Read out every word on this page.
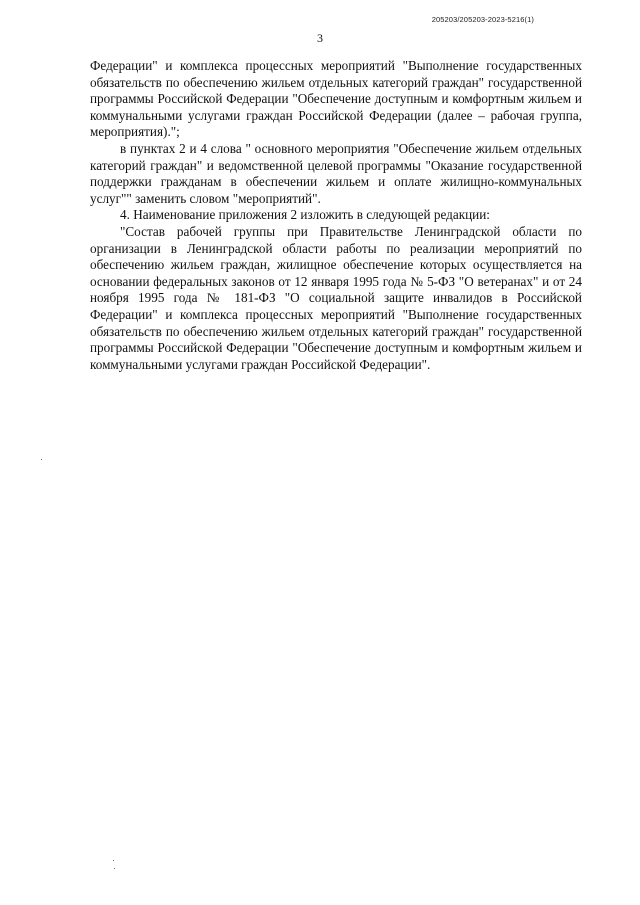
205203/205203-2023-5216(1)
3

Федерации" и комплекса процессных мероприятий "Выполнение государственных обязательств по обеспечению жильем отдельных категорий граждан" государственной программы Российской Федерации "Обеспечение доступным и комфортным жильем и коммунальными услугами граждан Российской Федерации (далее – рабочая группа, мероприятия).";

в пунктах 2 и 4 слова " основного мероприятия "Обеспечение жильем отдельных категорий граждан" и ведомственной целевой программы "Оказание государственной поддержки гражданам в обеспечении жильем и оплате жилищно-коммунальных услуг"" заменить словом "мероприятий".

4. Наименование приложения 2 изложить в следующей редакции:

"Состав рабочей группы при Правительстве Ленинградской области по организации в Ленинградской области работы по реализации мероприятий по обеспечению жильем граждан, жилищное обеспечение которых осуществляется на основании федеральных законов от 12 января 1995 года № 5-ФЗ "О ветеранах" и от 24 ноября 1995 года № 181-ФЗ "О социальной защите инвалидов в Российской Федерации" и комплекса процессных мероприятий "Выполнение государственных обязательств по обеспечению жильем отдельных категорий граждан" государственной программы Российской Федерации "Обеспечение доступным и комфортным жильем и коммунальными услугами граждан Российской Федерации".
